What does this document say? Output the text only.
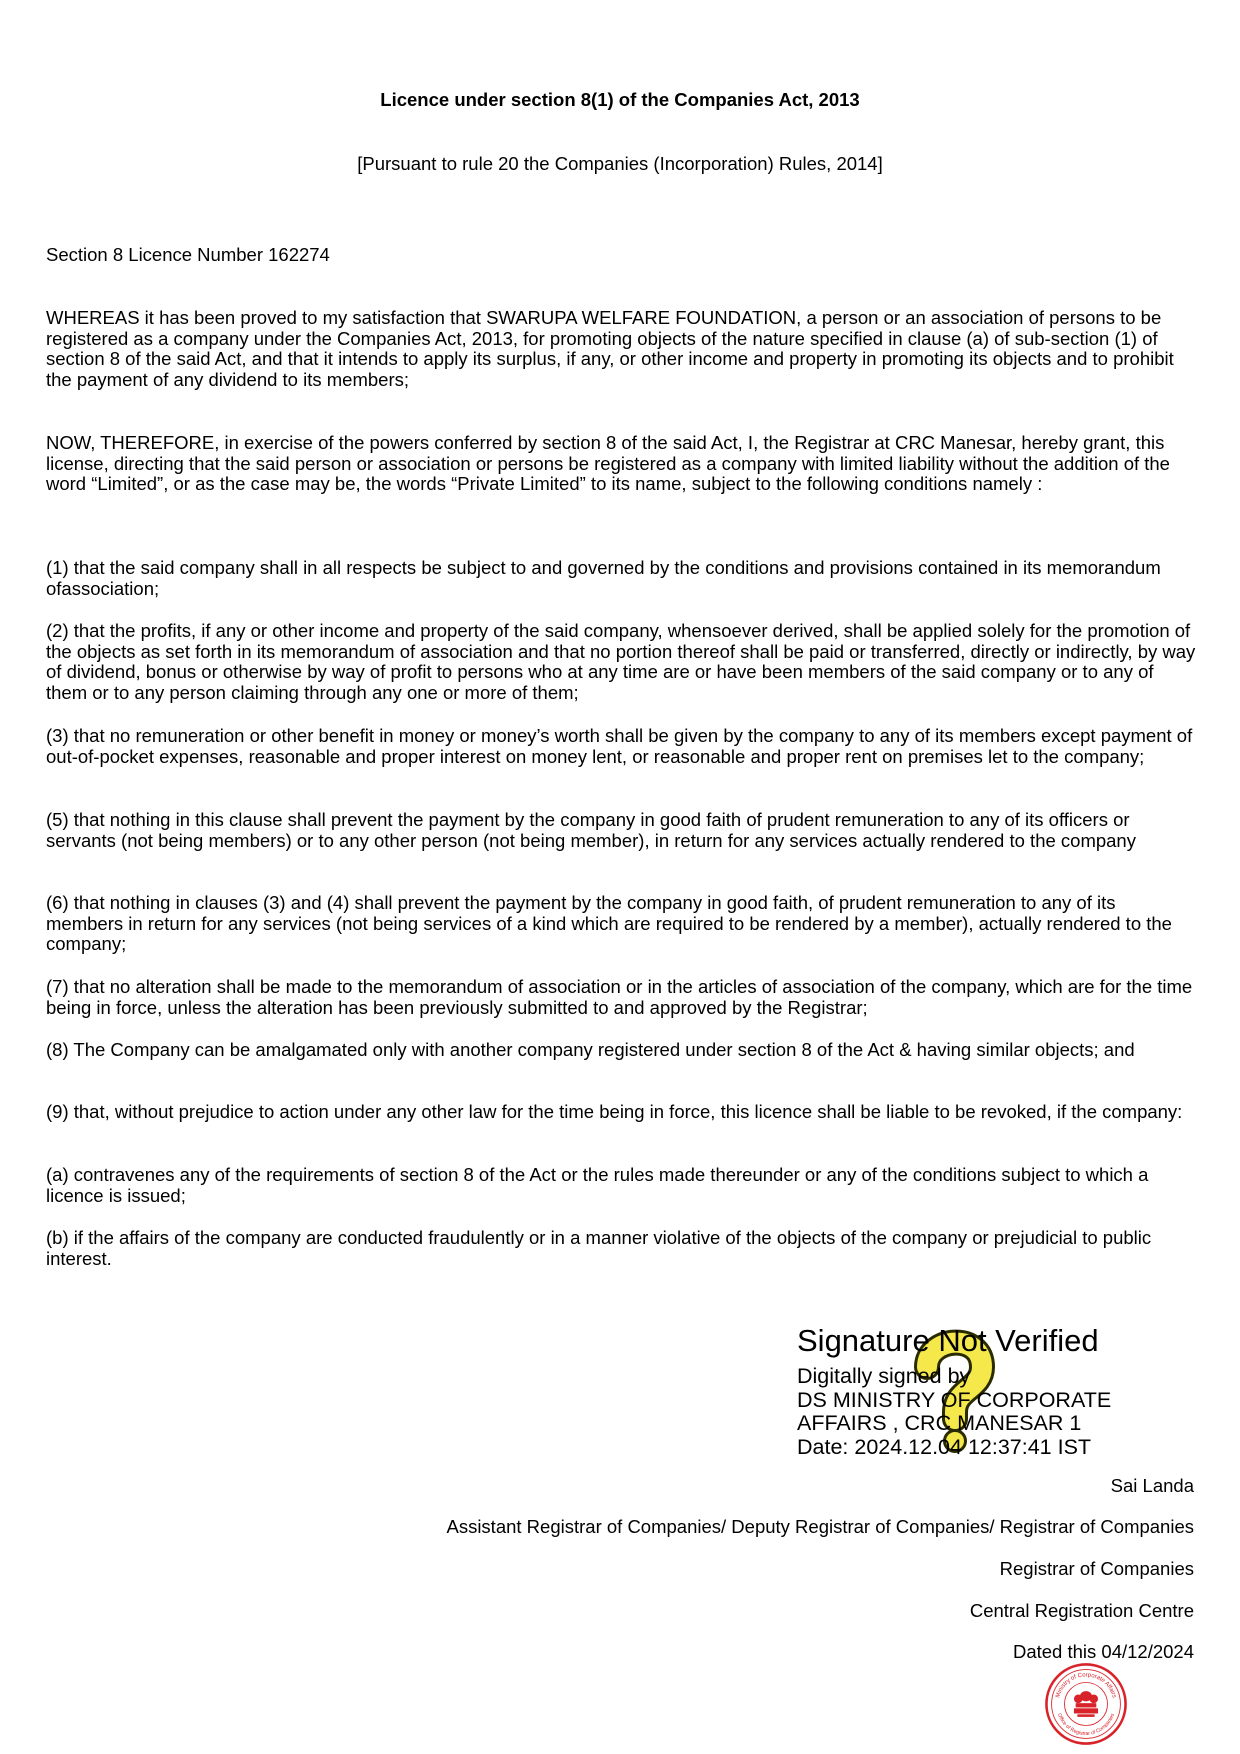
Licence under section 8(1) of the Companies Act, 2013
[Pursuant to rule 20 the Companies (Incorporation) Rules, 2014]

Section 8 Licence Number 162274

WHEREAS it has been proved to my satisfaction that SWARUPA WELFARE FOUNDATION, a person or an association of persons to be registered as a company under the Companies Act, 2013, for promoting objects of the nature specified in clause (a) of sub-section (1) of section 8 of the said Act, and that it intends to apply its surplus, if any, or other income and property in promoting its objects and to prohibit the payment of any dividend to its members;

NOW, THEREFORE, in exercise of the powers conferred by section 8 of the said Act, I, the Registrar at CRC Manesar, hereby grant, this license, directing that the said person or association or persons be registered as a company with limited liability without the addition of the word “Limited”, or as the case may be, the words “Private Limited” to its name, subject to the following conditions namely :

(1) that the said company shall in all respects be subject to and governed by the conditions and provisions contained in its memorandum ofassociation;

(2) that the profits, if any or other income and property of the said company, whensoever derived, shall be applied solely for the promotion of the objects as set forth in its memorandum of association and that no portion thereof shall be paid or transferred, directly or indirectly, by way of dividend, bonus or otherwise by way of profit to persons who at any time are or have been members of the said company or to any of them or to any person claiming through any one or more of them;

(3) that no remuneration or other benefit in money or money’s worth shall be given by the company to any of its members except payment of out-of-pocket expenses, reasonable and proper interest on money lent, or reasonable and proper rent on premises let to the company;

(5) that nothing in this clause shall prevent the payment by the company in good faith of prudent remuneration to any of its officers or servants (not being members) or to any other person (not being member), in return for any services actually rendered to the company

(6) that nothing in clauses (3) and (4) shall prevent the payment by the company in good faith, of prudent remuneration to any of its members in return for any services (not being services of a kind which are required to be rendered by a member), actually rendered to the company;

(7) that no alteration shall be made to the memorandum of association or in the articles of association of the company, which are for the time being in force, unless the alteration has been previously submitted to and approved by the Registrar;

(8) The Company can be amalgamated only with another company registered under section 8 of the Act & having similar objects; and

(9) that, without prejudice to action under any other law for the time being in force, this licence shall be liable to be revoked, if the company:

(a) contravenes any of the requirements of section 8 of the Act or the rules made thereunder or any of the conditions subject to which a licence is issued;

(b) if the affairs of the company are conducted fraudulently or in a manner violative of the objects of the company or prejudicial to public interest.

Signature Not Verified
Digitally signed by
DS MINISTRY OF CORPORATE
AFFAIRS , CRC MANESAR 1
Date: 2024.12.04 12:37:41 IST
Sai Landa
Assistant Registrar of Companies/ Deputy Registrar of Companies/ Registrar of Companies
Registrar of Companies
Central Registration Centre
Dated this 04/12/2024
Ministry of Corporate Affairs
Office of Registrar of Companies
